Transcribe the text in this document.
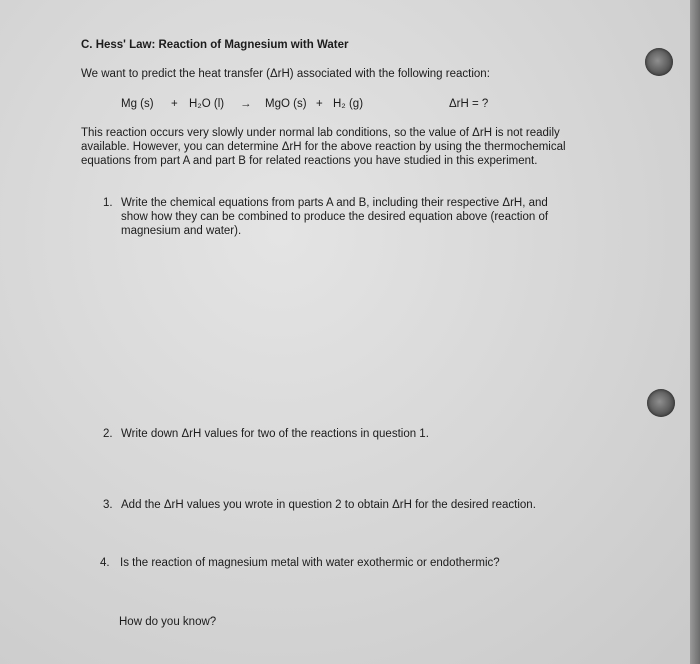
C. Hess' Law: Reaction of Magnesium with Water
We want to predict the heat transfer (ΔrH) associated with the following reaction:
Mg (s) + H₂O (l) → MgO (s) + H₂ (g)	ΔrH = ?
This reaction occurs very slowly under normal lab conditions, so the value of ΔrH is not readily
available. However, you can determine ΔrH for the above reaction by using the thermochemical
equations from part A and part B for related reactions you have studied in this experiment.
1. Write the chemical equations from parts A and B, including their respective ΔrH, and
show how they can be combined to produce the desired equation above (reaction of
magnesium and water).
2. Write down ΔrH values for two of the reactions in question 1.
3. Add the ΔrH values you wrote in question 2 to obtain ΔrH for the desired reaction.
4. Is the reaction of magnesium metal with water exothermic or endothermic?
How do you know?
